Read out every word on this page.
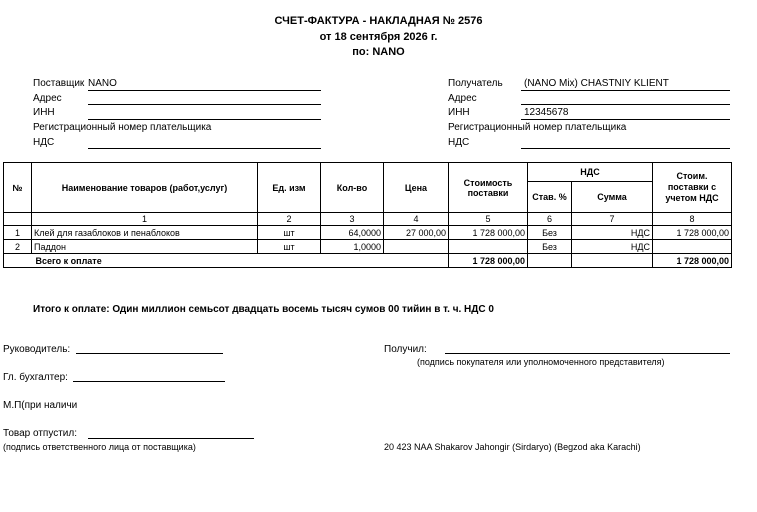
СЧЕТ-ФАКТУРА - НАКЛАДНАЯ № 2576
от 18 сентября 2026 г.
по: NANO
Поставщик NANO
Адрес
ИНН
Регистрационный номер плательщика
НДС
Получатель (NANO Mix) CHASTNIY KLIENT
Адрес
ИНН	12345678
Регистрационный номер плательщика
НДС
№	Наименование товаров (работ,услуг)	Ед. изм	Кол-во	Цена	Стоимость поставки	НДС		Стоим. поставки с учетом НДС
						Став. %	Сумма	
	1	2	3	4	5	6	7	8
1	Клей для газаблоков и пенаблоков	шт	64,0000	27 000,00	1 728 000,00	Без	НДС	1 728 000,00
2	Паддон	шт	1,0000			Без	НДС	
	Всего к оплате				1 728 000,00			1 728 000,00
Итого к оплате: Один миллион семьсот двадцать восемь тысяч сумов 00 тийин в т. ч. НДС 0
Руководитель:
Гл. бухгалтер:
М.П(при наличи
Товар отпустил:
(подпись ответственного лица от поставщика)
Получил:
(подпись покупателя или уполномоченного представителя)
20 423 NAA Shakarov Jahongir (Sirdaryo) (Begzod aka Karachi)
